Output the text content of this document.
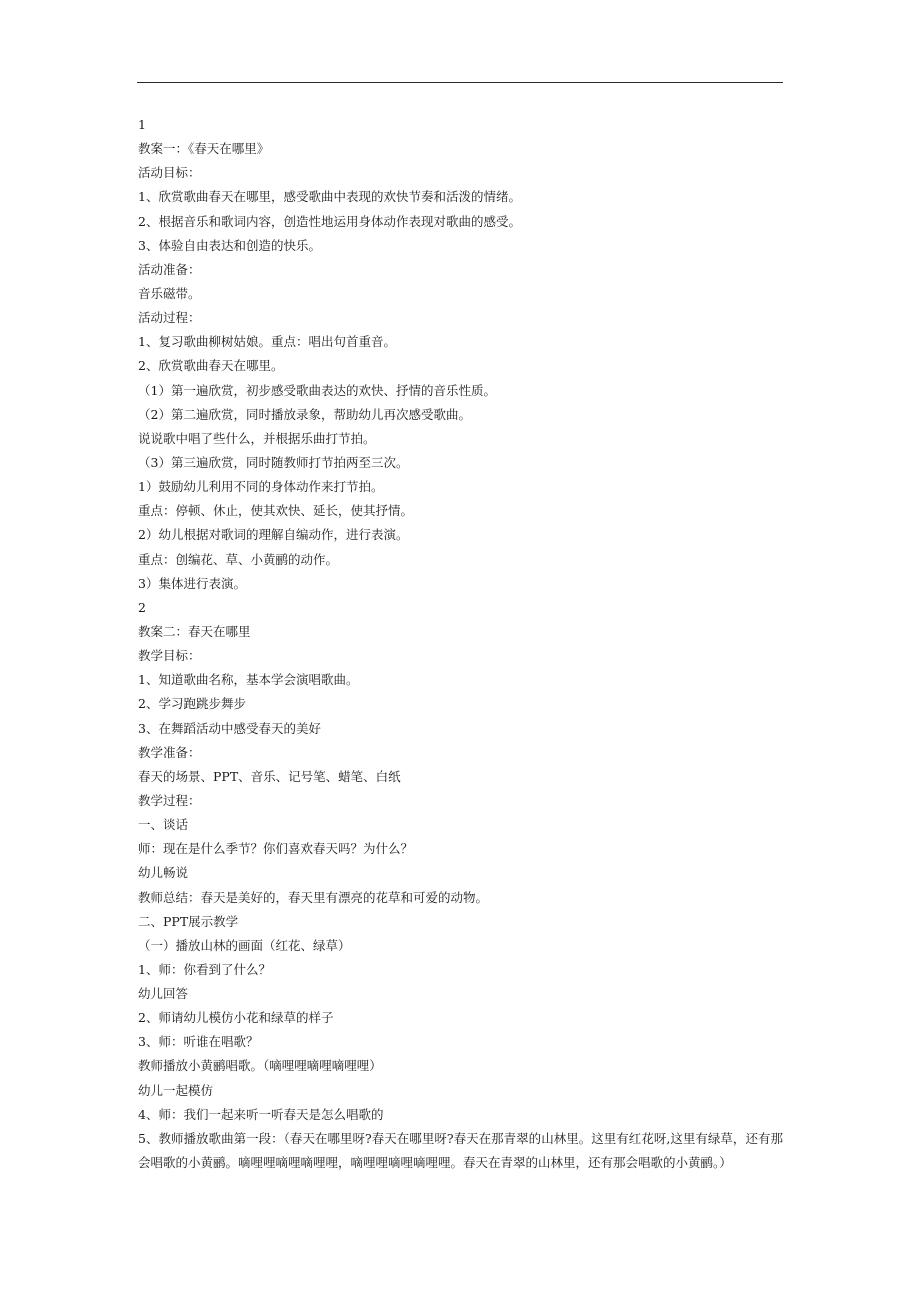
1

教案一：《春天在哪里》

活动目标：

1、欣赏歌曲春天在哪里，感受歌曲中表现的欢快节奏和活泼的情绪。

2、根据音乐和歌词内容，创造性地运用身体动作表现对歌曲的感受。

3、体验自由表达和创造的快乐。

活动准备：

音乐磁带。

活动过程：

1、复习歌曲柳树姑娘。重点：唱出句首重音。

2、欣赏歌曲春天在哪里。

（1）第一遍欣赏，初步感受歌曲表达的欢快、抒情的音乐性质。

（2）第二遍欣赏，同时播放录象，帮助幼儿再次感受歌曲。

说说歌中唱了些什么，并根据乐曲打节拍。

（3）第三遍欣赏，同时随教师打节拍两至三次。

1）鼓励幼儿利用不同的身体动作来打节拍。

重点：停顿、休止，使其欢快、延长，使其抒情。

2）幼儿根据对歌词的理解自编动作，进行表演。

重点：创编花、草、小黄鹂的动作。

3）集体进行表演。

2

教案二：春天在哪里

教学目标：

1、知道歌曲名称，基本学会演唱歌曲。

2、学习跑跳步舞步

3、在舞蹈活动中感受春天的美好

教学准备：

春天的场景、PPT、音乐、记号笔、蜡笔、白纸

教学过程：

一、谈话

师：现在是什么季节？你们喜欢春天吗？为什么？

幼儿畅说

教师总结：春天是美好的，春天里有漂亮的花草和可爱的动物。

二、PPT展示教学

（一）播放山林的画面（红花、绿草）

1、师：你看到了什么？

幼儿回答

2、师请幼儿模仿小花和绿草的样子

3、师：听谁在唱歌？

教师播放小黄鹂唱歌。（嘀哩哩嘀哩嘀哩哩）

幼儿一起模仿

4、师：我们一起来听一听春天是怎么唱歌的

5、教师播放歌曲第一段：（春天在哪里呀?春天在哪里呀?春天在那青翠的山林里。这里有红花呀,这里有绿草，还有那会唱歌的小黄鹂。嘀哩哩嘀哩嘀哩哩，嘀哩哩嘀哩嘀哩哩。春天在青翠的山林里，还有那会唱歌的小黄鹂。）
